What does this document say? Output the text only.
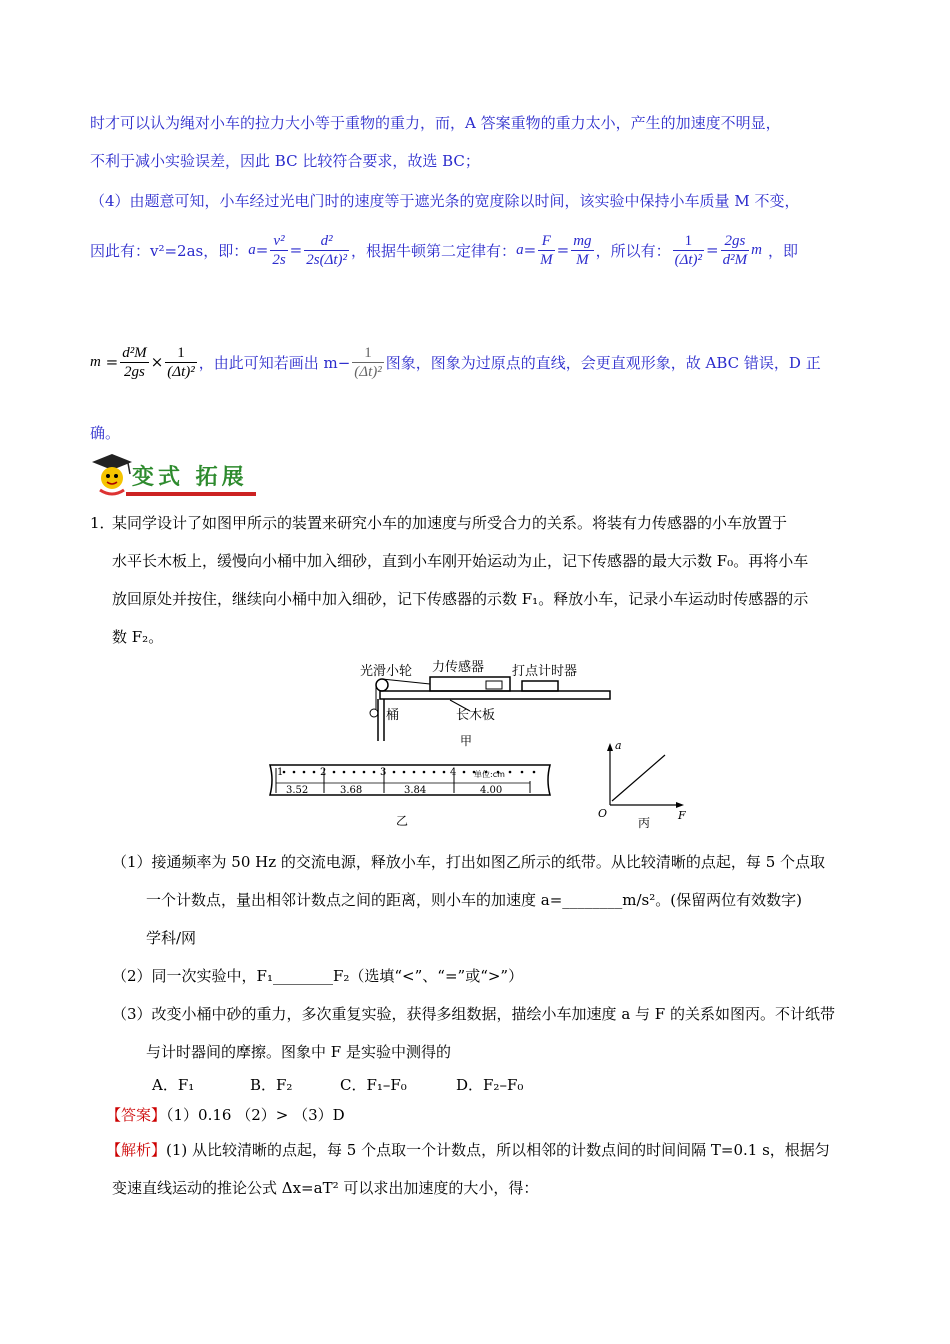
时才可以认为绳对小车的拉力大小等于重物的重力，而，A 答案重物的重力太小，产生的加速度不明显，
不利于减小实验误差，因此 BC 比较符合要求，故选 BC；
（4）由题意可知，小车经过光电门时的速度等于遮光条的宽度除以时间，该实验中保持小车质量 M 不变，
因此有：v²=2as，即： $a = \frac{\text{v²}}{2s} = \frac{\text{d²}}{\text{2s(Δt)²}}$ ，根据牛顿第二定律有： $a = \frac{F}{M} = \frac{mg}{M}$ ，所以有： $\frac{1}{\text{(Δt)²}} = \frac{2gs}{\text{d²M}}$ m ，即
$m = \frac{\text{d²M}}{2gs} \times \frac{1}{\text{(Δt)²}}$ ，由此可知若画出 $m- \frac{1}{\text{(Δt)²}}$ 图象，图象为过原点的直线，会更直观形象，故 ABC 错误，D 正
确。
变式 拓展
1．
某同学设计了如图甲所示的装置来研究小车的加速度与所受合力的关系。将装有力传感器的小车放置于
水平长木板上，缓慢向小桶中加入细砂，直到小车刚开始运动为止，记下传感器的最大示数 F₀。再将小车
放回原处并按住，继续向小桶中加入细砂，记下传感器的示数 F₁。释放小车，记录小车运动时传感器的示
数 F₂。
光滑小轮 力传感器 打点计时器
桶	长木板
甲
1	2	3	4 单位:cm
3.52	3.68	3.84	4.00
乙
a
F
O
丙
（1）接通频率为 50 Hz 的交流电源，释放小车，打出如图乙所示的纸带。从比较清晰的点起，每 5 个点取
一个计数点，量出相邻计数点之间的距离，则小车的加速度 a=________m/s²。(保留两位有效数字)
学科/网
（2）同一次实验中，F₁________F₂（选填“<”、“=”或“>”）
（3）改变小桶中砂的重力，多次重复实验，获得多组数据，描绘小车加速度 a 与 F 的关系如图丙。不计纸带
与计时器间的摩擦。图象中 F 是实验中测得的
A．F₁	B．F₂	C．F₁–F₀	D．F₂–F₀
【答案】（1）0.16 （2）> （3）D
【解析】(1) 从比较清晰的点起，每 5 个点取一个计数点，所以相邻的计数点间的时间间隔 T=0.1 s，根据匀
变速直线运动的推论公式 Δx=aT² 可以求出加速度的大小，得：
